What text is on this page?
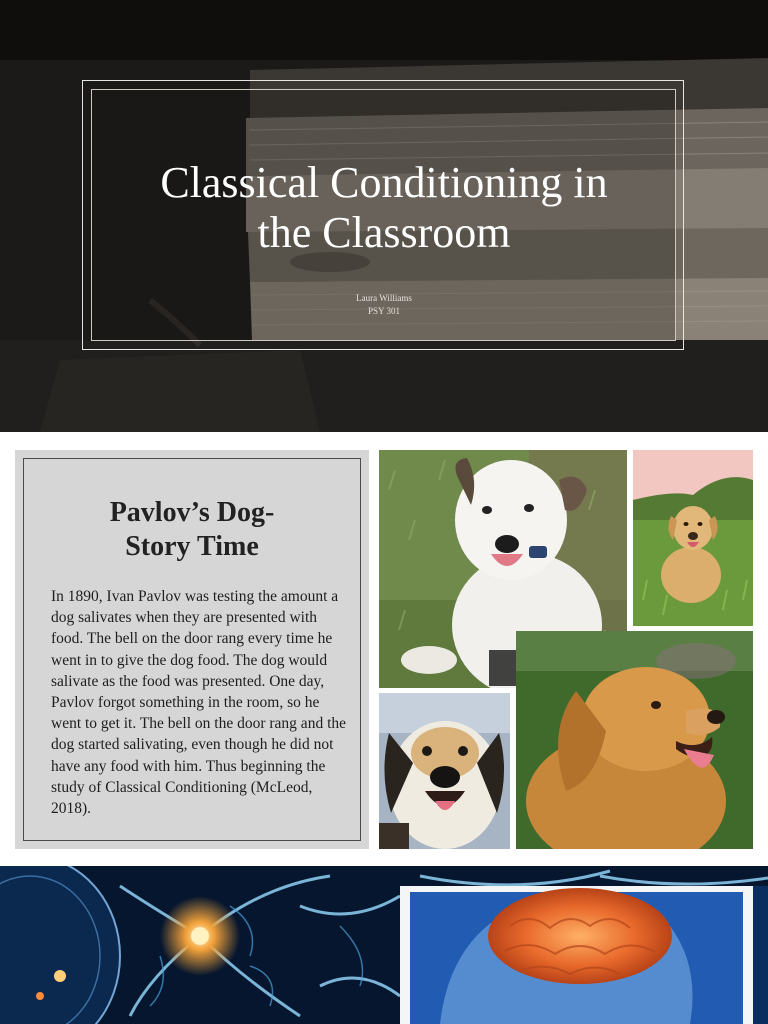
Classical Conditioning in
the Classroom
Laura Williams
PSY 301
Pavlov’s Dog-
Story Time

In 1890, Ivan Pavlov was testing the amount a dog salivates when they are presented with food. The bell on the door rang every time he went in to give the dog food. The dog would salivate as the food was presented. One day, Pavlov forgot something in the room, so he went to get it. The bell on the door rang and the dog started salivating, even though he did not have any food with him. Thus beginning the study of Classical Conditioning (McLeod, 2018).
